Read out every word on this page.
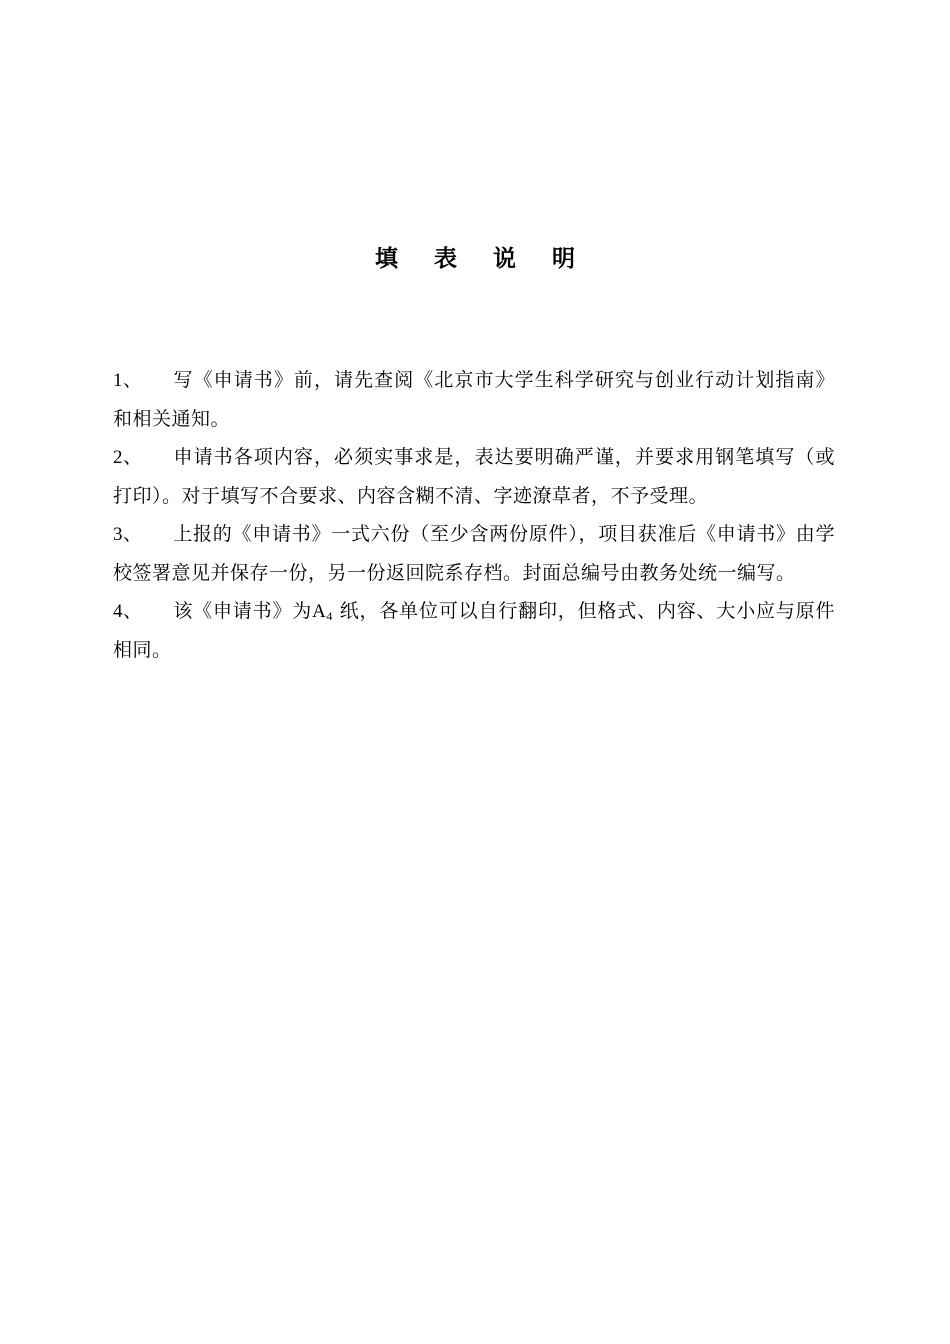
填 表 说 明
1、 写《申请书》前，请先查阅《北京市大学生科学研究与创业行动计划指南》和相关通知。
2、 申请书各项内容，必须实事求是，表达要明确严谨，并要求用钢笔填写（或打印）。对于填写不合要求、内容含糊不清、字迹潦草者，不予受理。
3、 上报的《申请书》一式六份（至少含两份原件），项目获准后《申请书》由学校签署意见并保存一份，另一份返回院系存档。封面总编号由教务处统一编写。
4、 该《申请书》为$A_4$ 纸，各单位可以自行翻印，但格式、内容、大小应与原件相同。
